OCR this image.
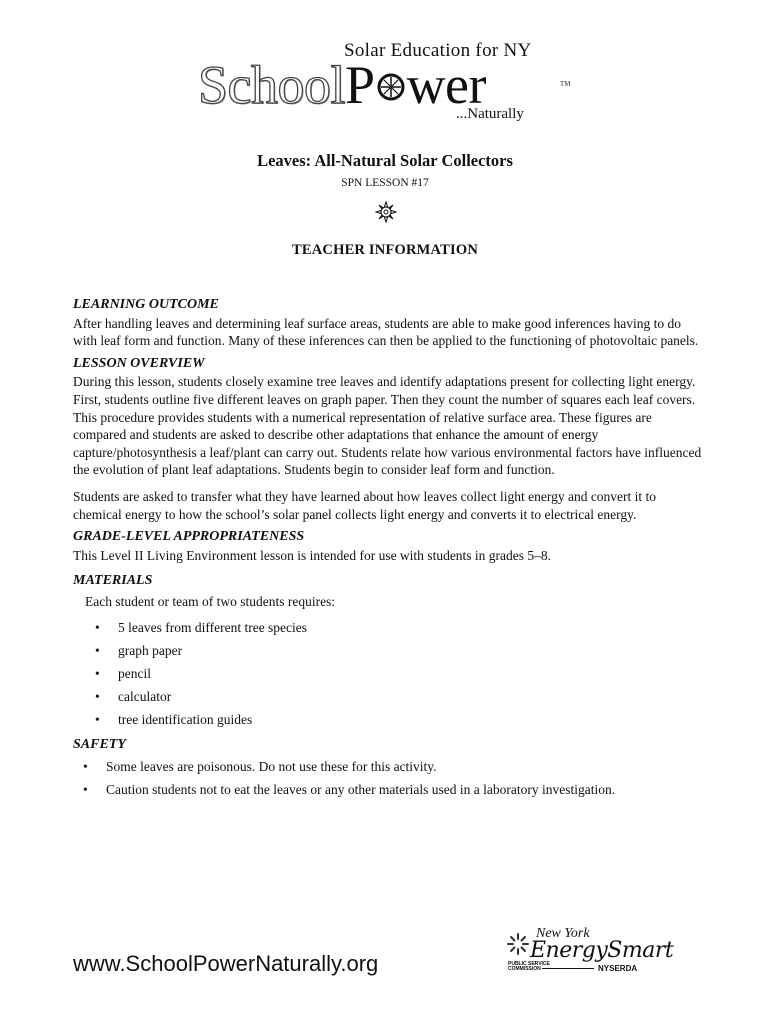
Solar Education for NY
SchoolP wer	TM
...Naturally
Leaves: All-Natural Solar Collectors
SPN LESSON #17
TEACHER INFORMATION
LEARNING OUTCOME
After handling leaves and determining leaf surface areas, students are able to make good inferences having to do with leaf form and function. Many of these inferences can then be applied to the functioning of photovoltaic panels.
LESSON OVERVIEW
During this lesson, students closely examine tree leaves and identify adaptations present for collecting light energy. First, students outline five different leaves on graph paper. Then they count the number of squares each leaf covers. This procedure provides students with a numerical representation of relative surface area. These figures are compared and students are asked to describe other adaptations that enhance the amount of energy capture/photosynthesis a leaf/plant can carry out. Students relate how various environmental factors have influenced the evolution of plant leaf adaptations. Students begin to consider leaf form and function.
Students are asked to transfer what they have learned about how leaves collect light energy and convert it to chemical energy to how the school’s solar panel collects light energy and converts it to electrical energy.
GRADE-LEVEL APPROPRIATENESS
This Level II Living Environment lesson is intended for use with students in grades 5–8.
MATERIALS
Each student or team of two students requires:
• 5 leaves from different tree species
• graph paper
• pencil
• calculator
• tree identification guides
SAFETY
• Some leaves are poisonous. Do not use these for this activity.
• Caution students not to eat the leaves or any other materials used in a laboratory investigation.
www.SchoolPowerNaturally.org
New York
EnergySmart
PUBLIC SERVICE
COMMISSION	NYSERDA
